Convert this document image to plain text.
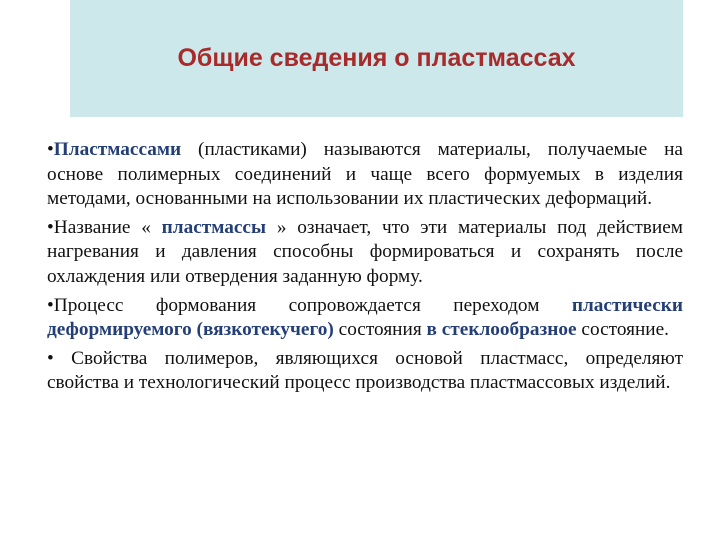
Общие сведения о пластмассах

•Пластмассами (пластиками) называются материалы, получаемые на основе полимерных соединений и чаще всего формуемых в изделия методами, основанными на использовании их пластических деформаций.

•Название « пластмассы » означает, что эти материалы под действием нагревания и давления способны формироваться и сохранять после охлаждения или отвердения заданную форму.

•Процесс формования сопровождается переходом пластически деформируемого (вязкотекучего) состояния в стеклообразное состояние.

• Свойства полимеров, являющихся основой пластмасс, определяют свойства и технологический процесс производства пластмассовых изделий.
